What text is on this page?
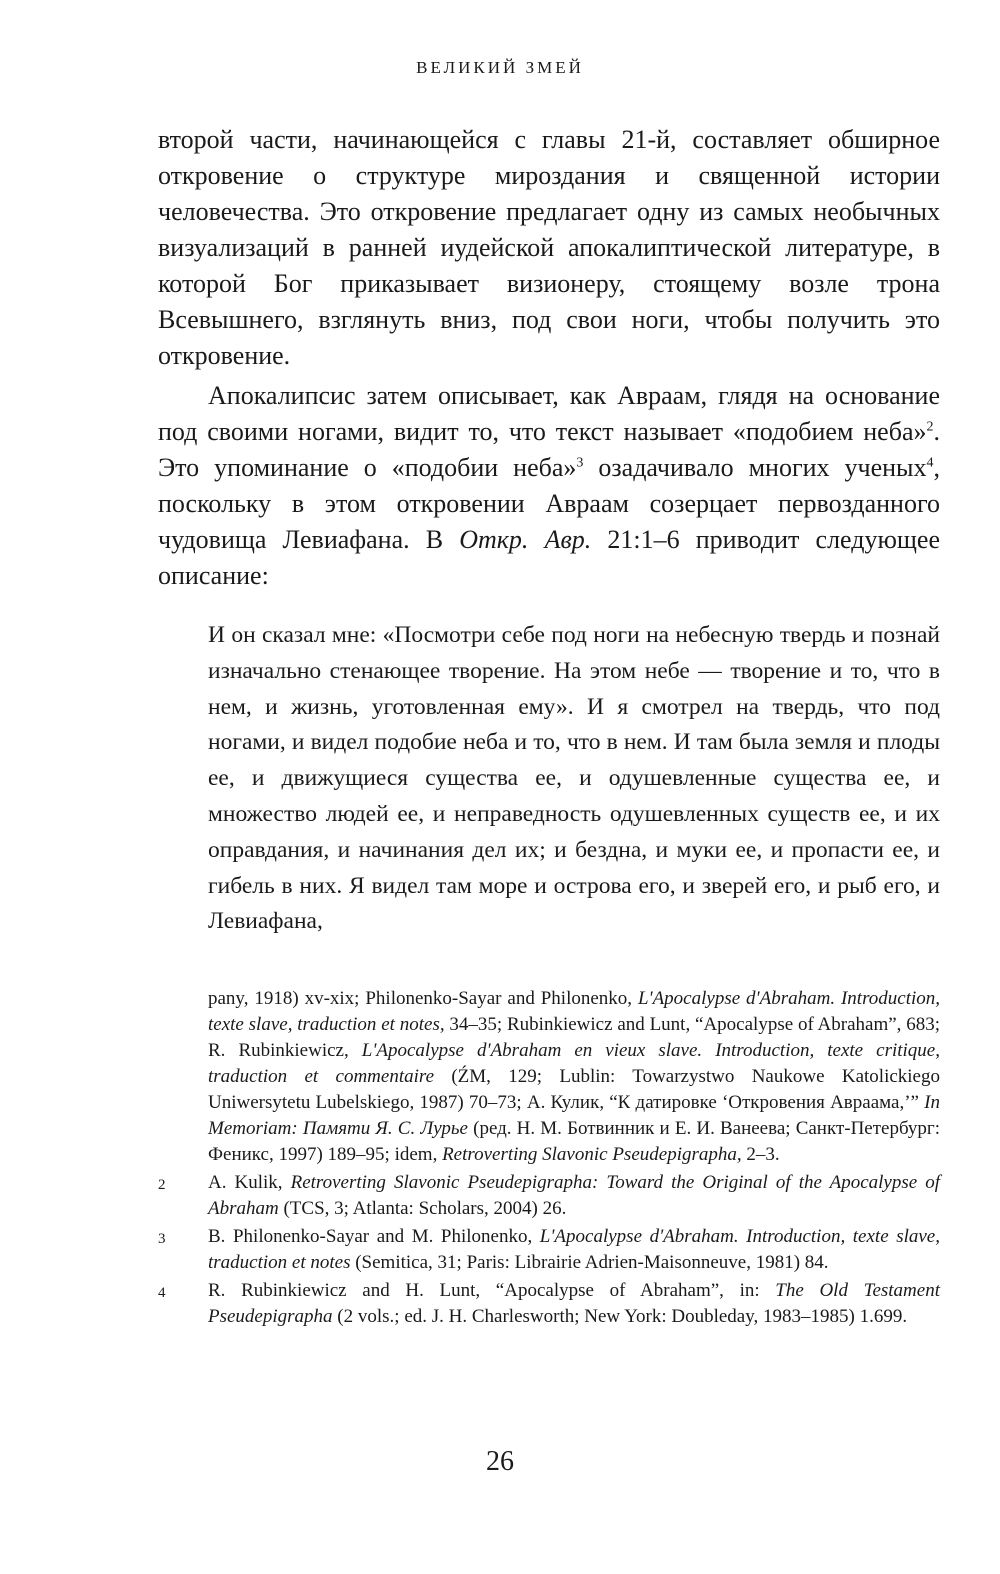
ВЕЛИКИЙ ЗМЕЙ

второй части, начинающейся с главы 21-й, составляет обширное откровение о структуре мироздания и священной истории человечества. Это откровение предлагает одну из самых необычных визуализаций в ранней иудейской апокалиптической литературе, в которой Бог приказывает визионеру, стоящему возле трона Всевышнего, взглянуть вниз, под свои ноги, чтобы получить это откровение.

Апокалипсис затем описывает, как Авраам, глядя на основание под своими ногами, видит то, что текст называет «подобием неба»$^2$. Это упоминание о «подобии неба»$^3$ озадачивало многих ученых$^4$, поскольку в этом откровении Авраам созерцает первозданного чудовища Левиафана. В Откр. Авр. 21:1–6 приводит следующее описание:

И он сказал мне: «Посмотри себе под ноги на небесную твердь и познай изначально стенающее творение. На этом небе — творение и то, что в нем, и жизнь, уготовленная ему». И я смотрел на твердь, что под ногами, и видел подобие неба и то, что в нем. И там была земля и плоды ее, и движущиеся существа ее, и одушевленные существа ее, и множество людей ее, и неправедность одушевленных существ ее, и их оправдания, и начинания дел их; и бездна, и муки ее, и пропасти ее, и гибель в них. Я видел там море и острова его, и зверей его, и рыб его, и Левиафана,

pany, 1918) xv-xix; Philonenko-Sayar and Philonenko, L'Apocalypse d'Abraham. Introduction, texte slave, traduction et notes, 34–35; Rubinkiewicz and Lunt, “Apocalypse of Abraham”, 683; R. Rubinkiewicz, L'Apocalypse d'Abraham en vieux slave. Introduction, texte critique, traduction et commentaire (ŹM, 129; Lublin: Towarzystwo Naukowe Katolickiego Uniwersytetu Lubelskiego, 1987) 70–73; А. Кулик, “К датировке ‘Откровения Авраама,’” In Memoriam: Памяти Я. С. Лурье (ред. Н. М. Ботвинник и Е. И. Ванеева; Санкт-Петербург: Феникс, 1997) 189–95; idem, Retroverting Slavonic Pseudepigrapha, 2–3.

2	A. Kulik, Retroverting Slavonic Pseudepigrapha: Toward the Original of the Apocalypse of Abraham (TCS, 3; Atlanta: Scholars, 2004) 26.

3	B. Philonenko-Sayar and M. Philonenko, L'Apocalypse d'Abraham. Introduction, texte slave, traduction et notes (Semitica, 31; Paris: Librairie Adrien-Maisonneuve, 1981) 84.

4	R. Rubinkiewicz and H. Lunt, “Apocalypse of Abraham”, in: The Old Testament Pseudepigrapha (2 vols.; ed. J. H. Charlesworth; New York: Doubleday, 1983–1985) 1.699.

26
